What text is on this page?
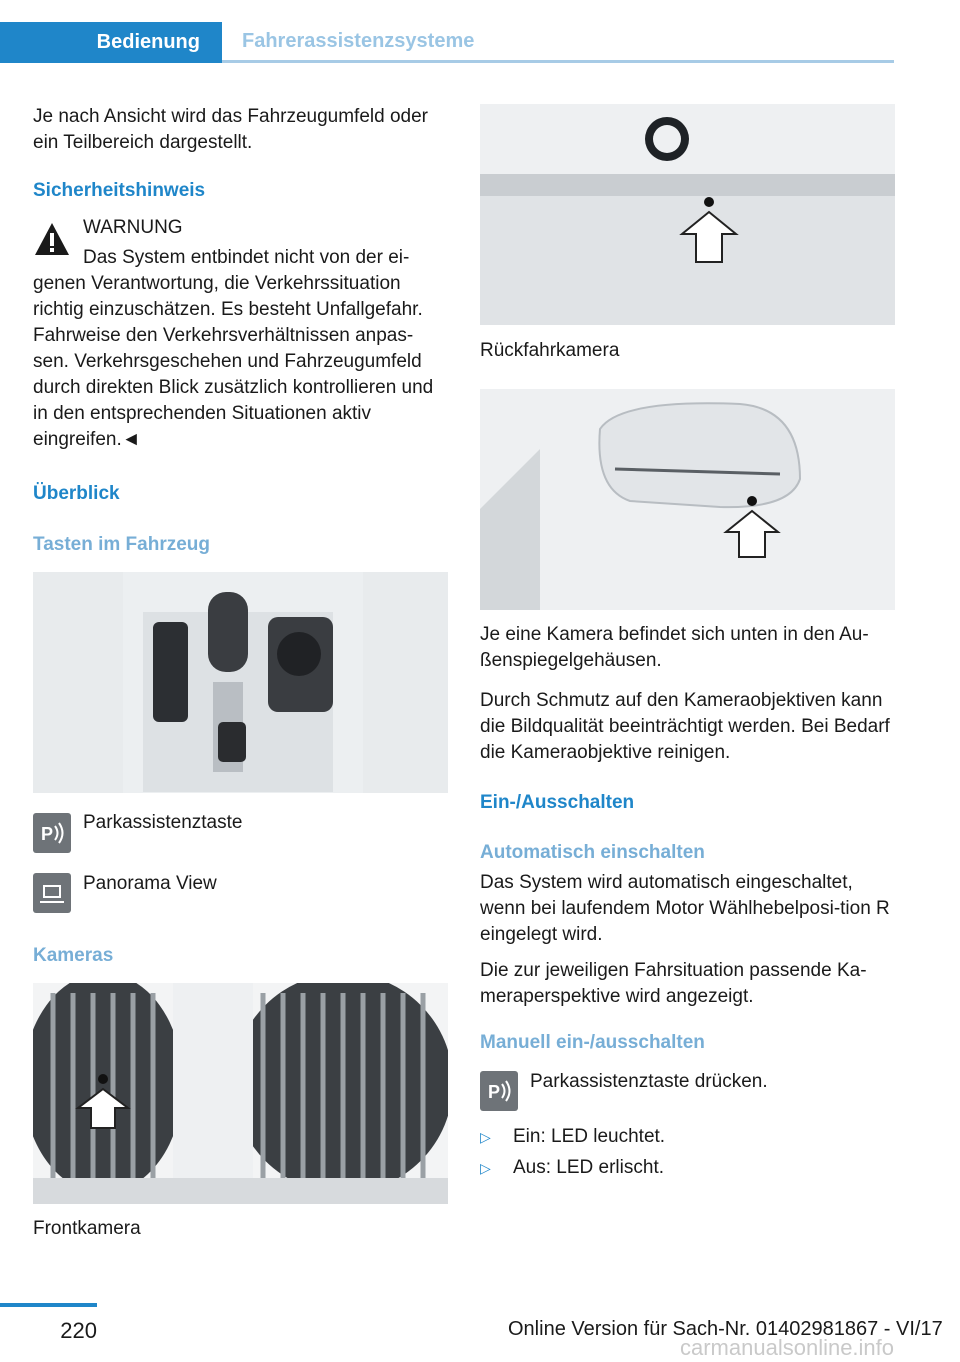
Bedienung	Fahrerassistenzsysteme

Je nach Ansicht wird das Fahrzeugumfeld oder ein Teilbereich dargestellt.

Sicherheitshinweis

WARNUNG

Das System entbindet nicht von der ei-

genen Verantwortung, die Verkehrssituation richtig einzuschätzen. Es besteht Unfallgefahr. Fahrweise den Verkehrsverhältnissen anpas-sen. Verkehrsgeschehen und Fahrzeugumfeld durch direkten Blick zusätzlich kontrollieren und in den entsprechenden Situationen aktiv eingreifen.◄

Überblick
Tasten im Fahrzeug
P

Parkassistenztaste

Panorama View

Kameras

Frontkamera

Rückfahrkamera

Je eine Kamera befindet sich unten in den Au-ßenspiegelgehäusen.

Durch Schmutz auf den Kameraobjektiven kann die Bildqualität beeinträchtigt werden. Bei Bedarf die Kameraobjektive reinigen.

Ein-/Ausschalten
Automatisch einschalten

Das System wird automatisch eingeschaltet, wenn bei laufendem Motor Wählhebelposi-tion R eingelegt wird.

Die zur jeweiligen Fahrsituation passende Ka-meraperspektive wird angezeigt.

Manuell ein-/ausschalten
P Parkassistenztaste drücken.

▷ Ein: LED leuchtet.
▷ Aus: LED erlischt.
220	Online Version für Sach-Nr. 01402981867 - VI/17
carmanualsonline.info
